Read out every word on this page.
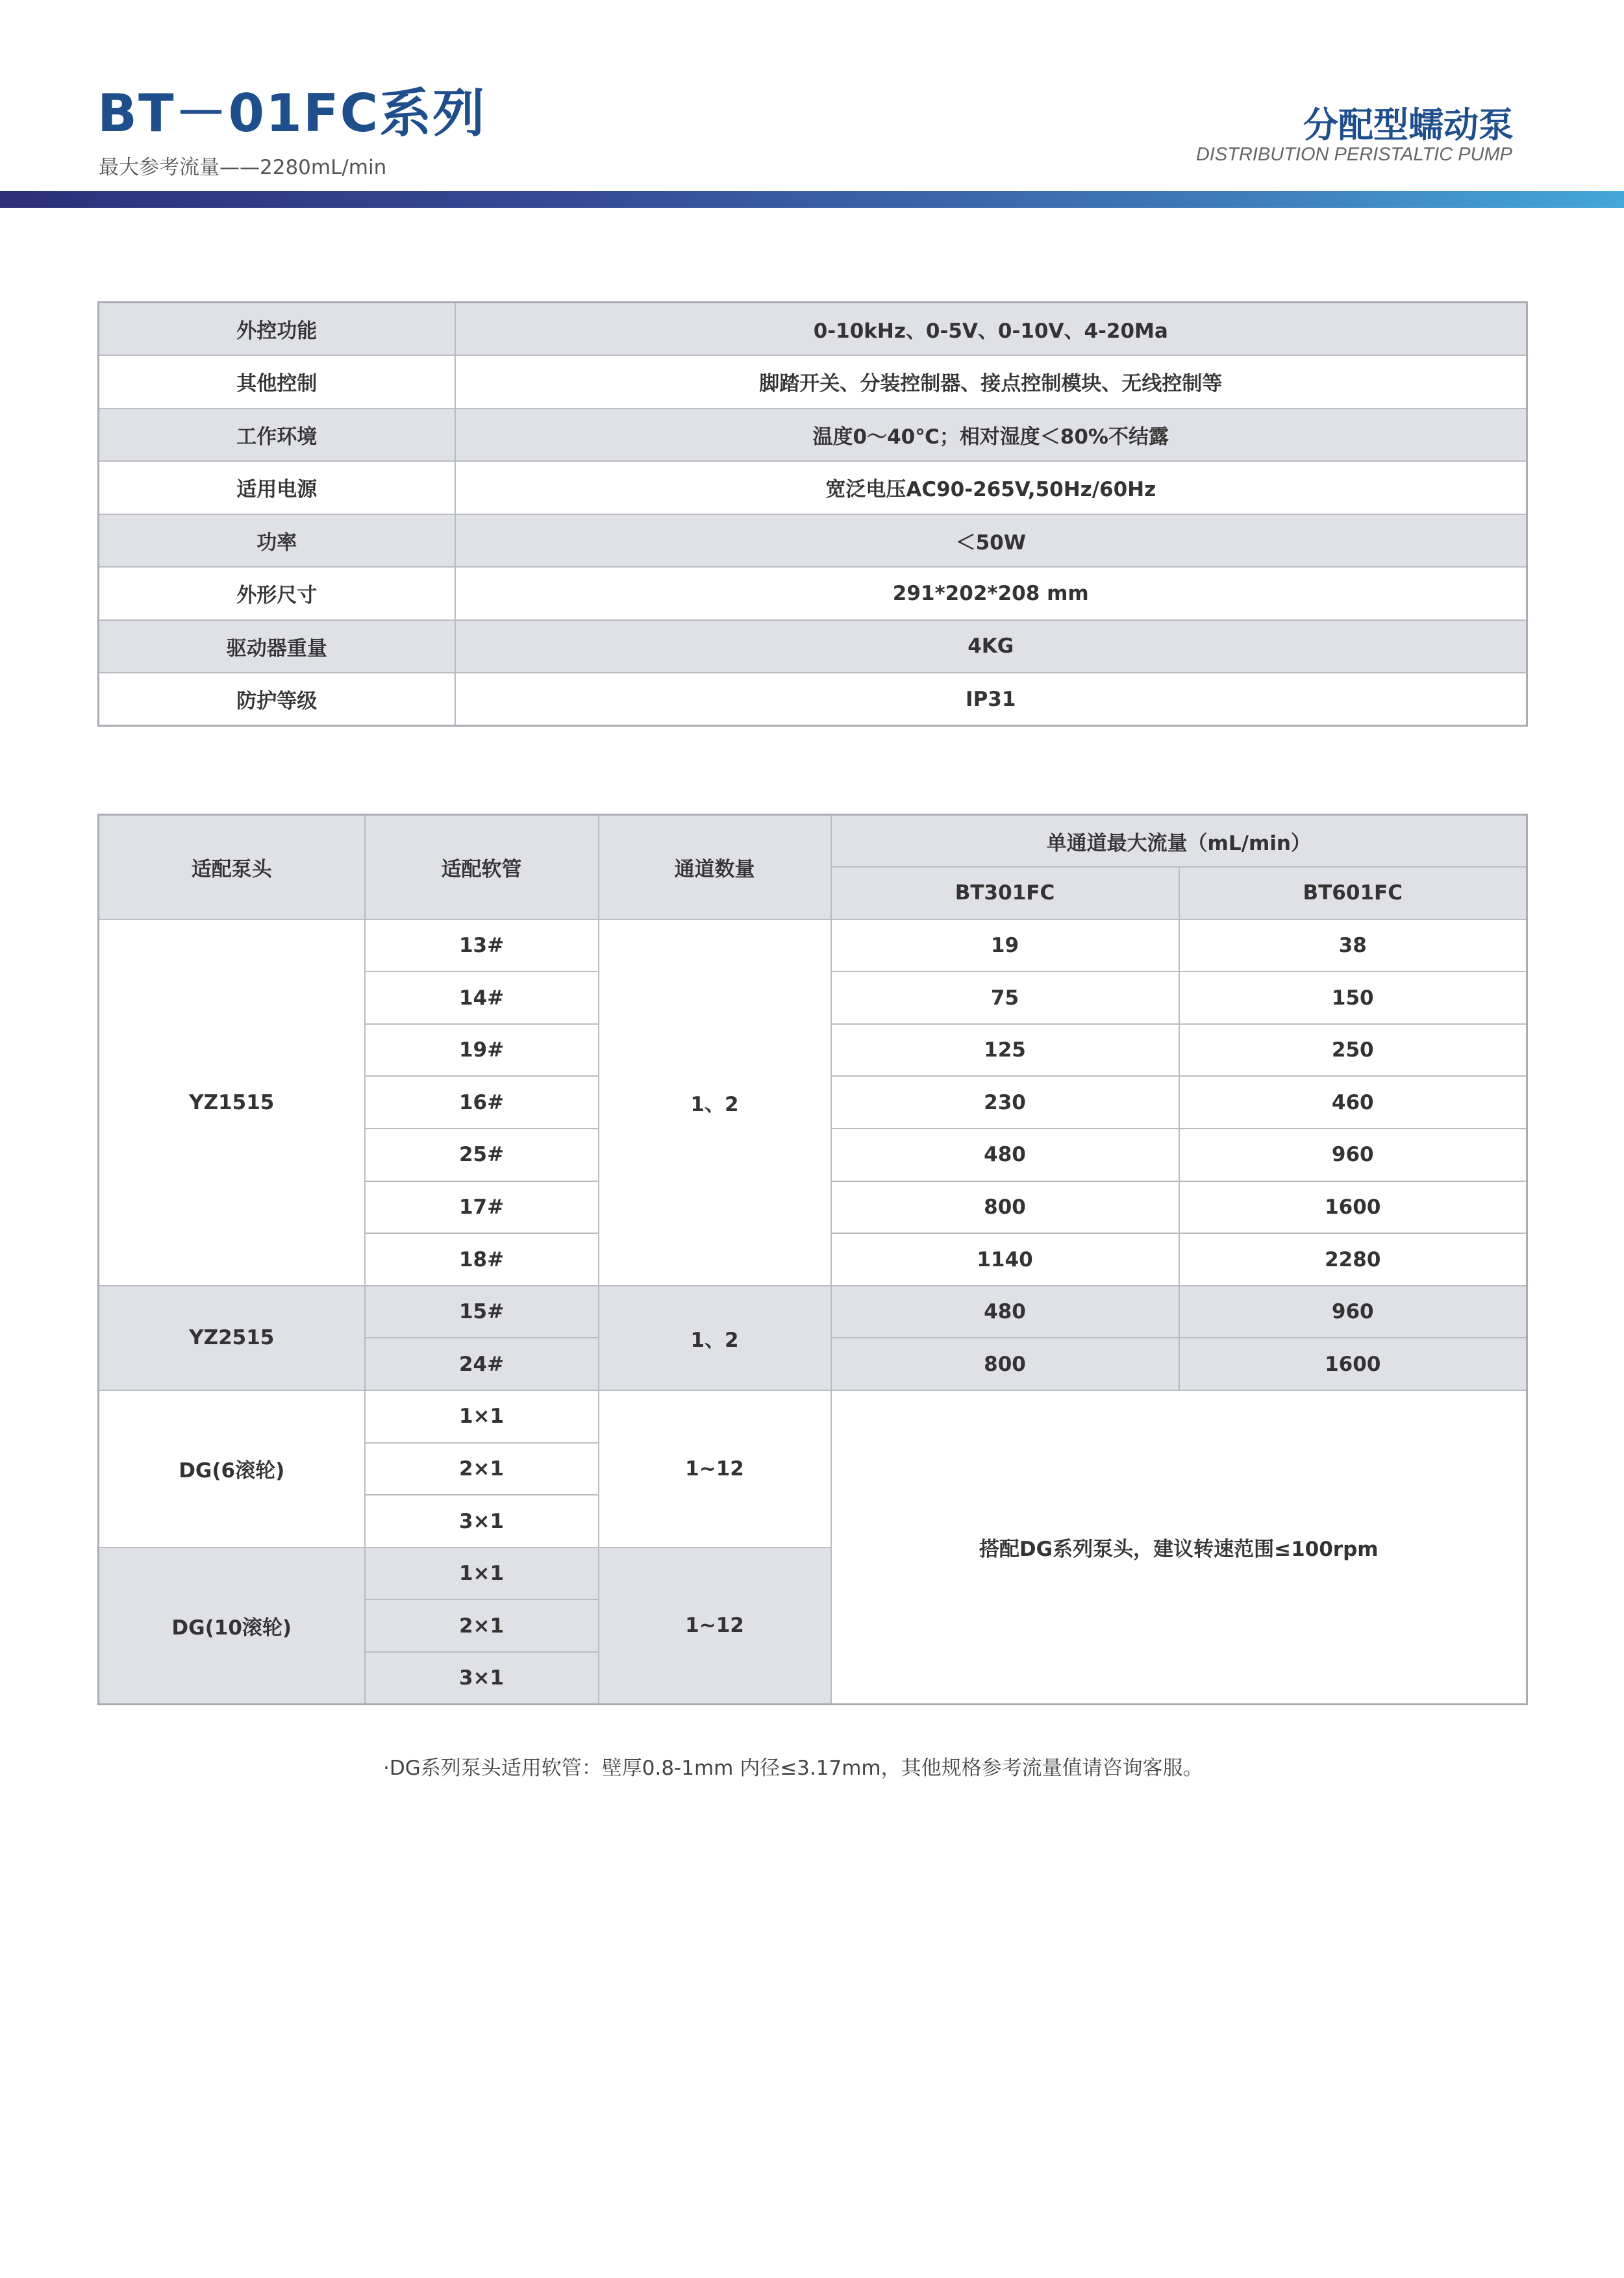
BT－01FC系列
最大参考流量——2280mL/min
分配型蠕动泵
DISTRIBUTION PERISTALTIC PUMP
外控功能	0-10kHz、0-5V、0-10V、4-20Ma
其他控制	脚踏开关、分装控制器、接点控制模块、无线控制等
工作环境	温度0～40℃；相对湿度＜80%不结露
适用电源	宽泛电压AC90-265V,50Hz/60Hz
功率	＜50W
外形尺寸	291*202*208 mm
驱动器重量	4KG
防护等级	IP31
适配泵头	适配软管	通道数量	单通道最大流量（mL/min）	
			BT301FC	BT601FC
YZ1515	13#	1、2	19	38
	14#		75	150
	19#		125	250
	16#		230	460
	25#		480	960
	17#		800	1600
	18#		1140	2280
YZ2515	15#	1、2	480	960
	24#		800	1600
DG(6滚轮)	1×1	1~12	搭配DG系列泵头，建议转速范围≤100rpm	
	2×1			
	3×1			
DG(10滚轮)	1×1	1~12		
	2×1			
	3×1			
·DG系列泵头适用软管：壁厚0.8-1mm 内径≤3.17mm，其他规格参考流量值请咨询客服。
